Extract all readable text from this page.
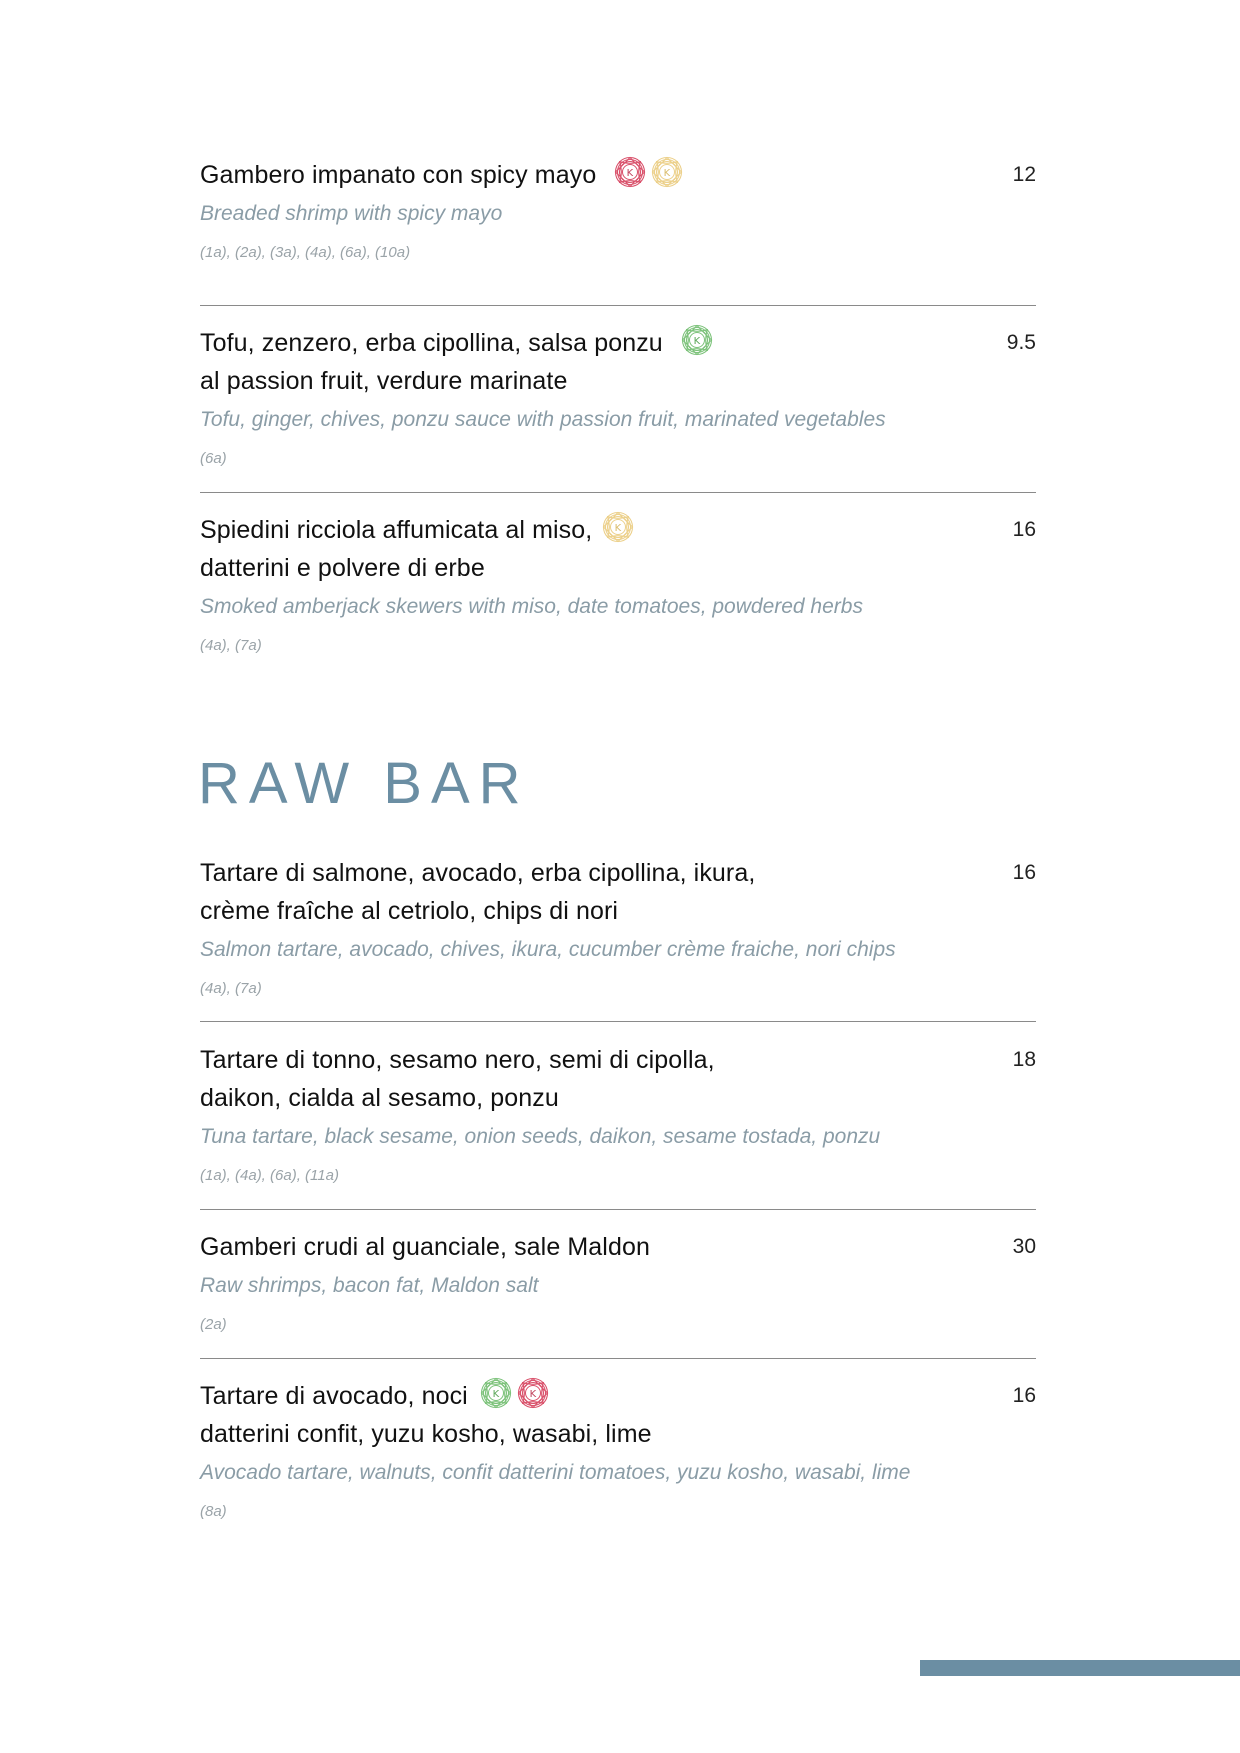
Gambero impanato con spicy mayo	K	K	12
Breaded shrimp with spicy mayo
(1a), (2a), (3a), (4a), (6a), (10a)
Tofu, zenzero, erba cipollina, salsa ponzu	K
al passion fruit, verdure marinate
9.5
Tofu, ginger, chives, ponzu sauce with passion fruit, marinated vegetables
(6a)
Spiedini ricciola affumicata al miso, K
datterini e polvere di erbe
16
Smoked amberjack skewers with miso, date tomatoes, powdered herbs
(4a), (7a)
RAW BAR
Tartare di salmone, avocado, erba cipollina, ikura,
crème fraîche al cetriolo, chips di nori
16
Salmon tartare, avocado, chives, ikura, cucumber crème fraiche, nori chips
(4a), (7a)
Tartare di tonno, sesamo nero, semi di cipolla,
daikon, cialda al sesamo, ponzu
18
Tuna tartare, black sesame, onion seeds, daikon, sesame tostada, ponzu
(1a), (4a), (6a), (11a)
Gamberi crudi al guanciale, sale Maldon	30
Raw shrimps, bacon fat, Maldon salt
(2a)
Tartare di avocado, noci K	K
datterini confit, yuzu kosho, wasabi, lime
16
Avocado tartare, walnuts, confit datterini tomatoes, yuzu kosho, wasabi, lime
(8a)
